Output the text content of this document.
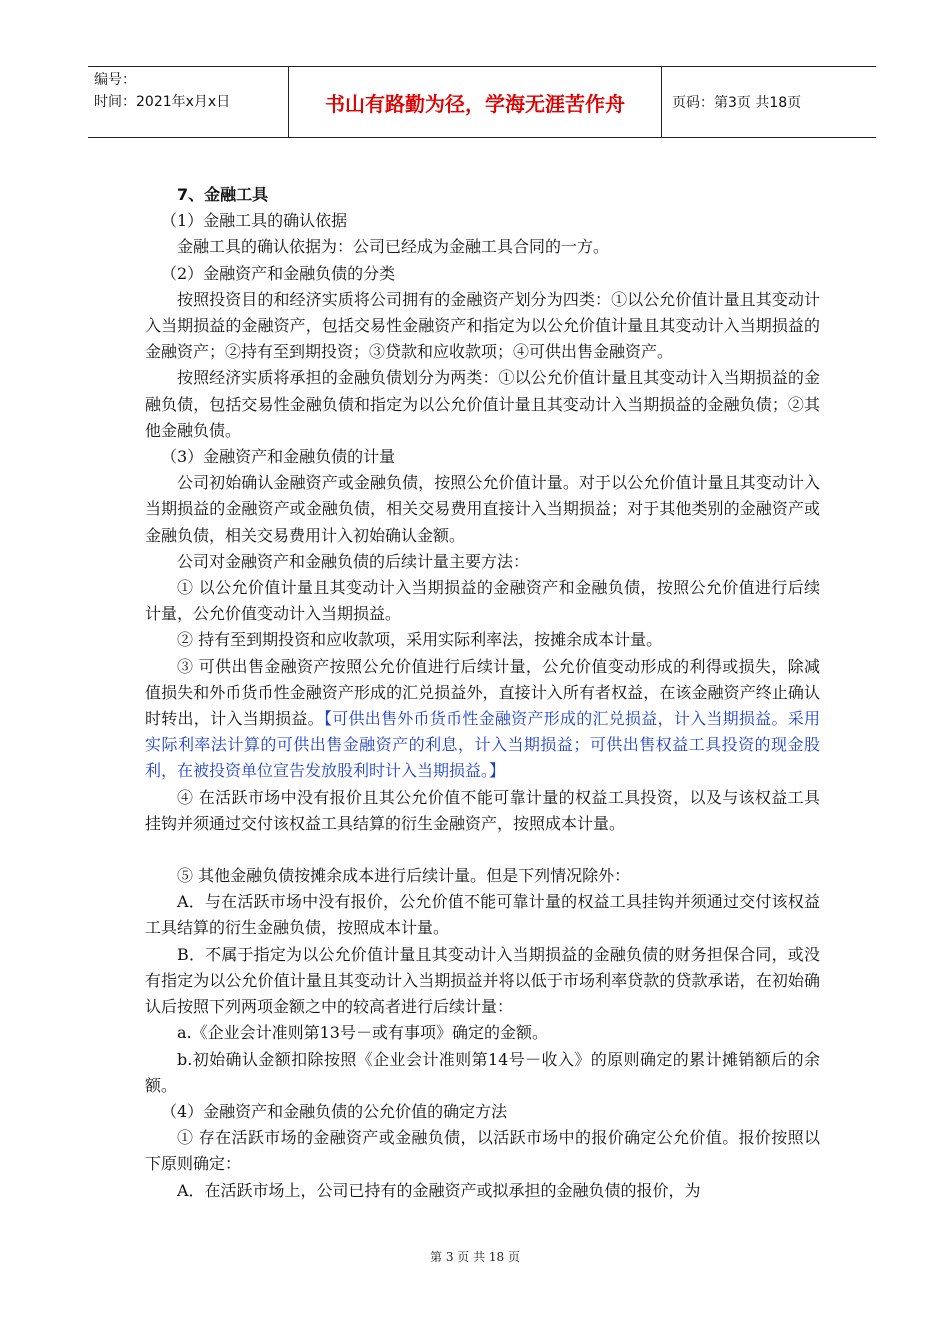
编号：
时间：2021年x月x日	书山有路勤为径，学海无涯苦作舟	页码：第3页 共18页

7、金融工具

（1）金融工具的确认依据

金融工具的确认依据为：公司已经成为金融工具合同的一方。

（2）金融资产和金融负债的分类

按照投资目的和经济实质将公司拥有的金融资产划分为四类：①以公允价值计量且其变动计入当期损益的金融资产，包括交易性金融资产和指定为以公允价值计量且其变动计入当期损益的金融资产；②持有至到期投资；③贷款和应收款项；④可供出售金融资产。

按照经济实质将承担的金融负债划分为两类：①以公允价值计量且其变动计入当期损益的金融负债，包括交易性金融负债和指定为以公允价值计量且其变动计入当期损益的金融负债；②其他金融负债。

（3）金融资产和金融负债的计量

公司初始确认金融资产或金融负债，按照公允价值计量。对于以公允价值计量且其变动计入当期损益的金融资产或金融负债，相关交易费用直接计入当期损益；对于其他类别的金融资产或金融负债，相关交易费用计入初始确认金额。

公司对金融资产和金融负债的后续计量主要方法：

① 以公允价值计量且其变动计入当期损益的金融资产和金融负债，按照公允价值进行后续计量，公允价值变动计入当期损益。

② 持有至到期投资和应收款项，采用实际利率法，按摊余成本计量。

③ 可供出售金融资产按照公允价值进行后续计量，公允价值变动形成的利得或损失，除减值损失和外币货币性金融资产形成的汇兑损益外，直接计入所有者权益，在该金融资产终止确认时转出，计入当期损益。【可供出售外币货币性金融资产形成的汇兑损益，计入当期损益。采用实际利率法计算的可供出售金融资产的利息，计入当期损益；可供出售权益工具投资的现金股利，在被投资单位宣告发放股利时计入当期损益。】

④ 在活跃市场中没有报价且其公允价值不能可靠计量的权益工具投资，以及与该权益工具挂钩并须通过交付该权益工具结算的衍生金融资产，按照成本计量。

⑤ 其他金融负债按摊余成本进行后续计量。但是下列情况除外：

A．与在活跃市场中没有报价，公允价值不能可靠计量的权益工具挂钩并须通过交付该权益工具结算的衍生金融负债，按照成本计量。

B．不属于指定为以公允价值计量且其变动计入当期损益的金融负债的财务担保合同，或没有指定为以公允价值计量且其变动计入当期损益并将以低于市场利率贷款的贷款承诺，在初始确认后按照下列两项金额之中的较高者进行后续计量：

a.《企业会计准则第13号－或有事项》确定的金额。

b.初始确认金额扣除按照《企业会计准则第14号－收入》的原则确定的累计摊销额后的余额。

（4）金融资产和金融负债的公允价值的确定方法

① 存在活跃市场的金融资产或金融负债，以活跃市场中的报价确定公允价值。报价按照以下原则确定：

A．在活跃市场上，公司已持有的金融资产或拟承担的金融负债的报价，为

第 3 页 共 18 页
